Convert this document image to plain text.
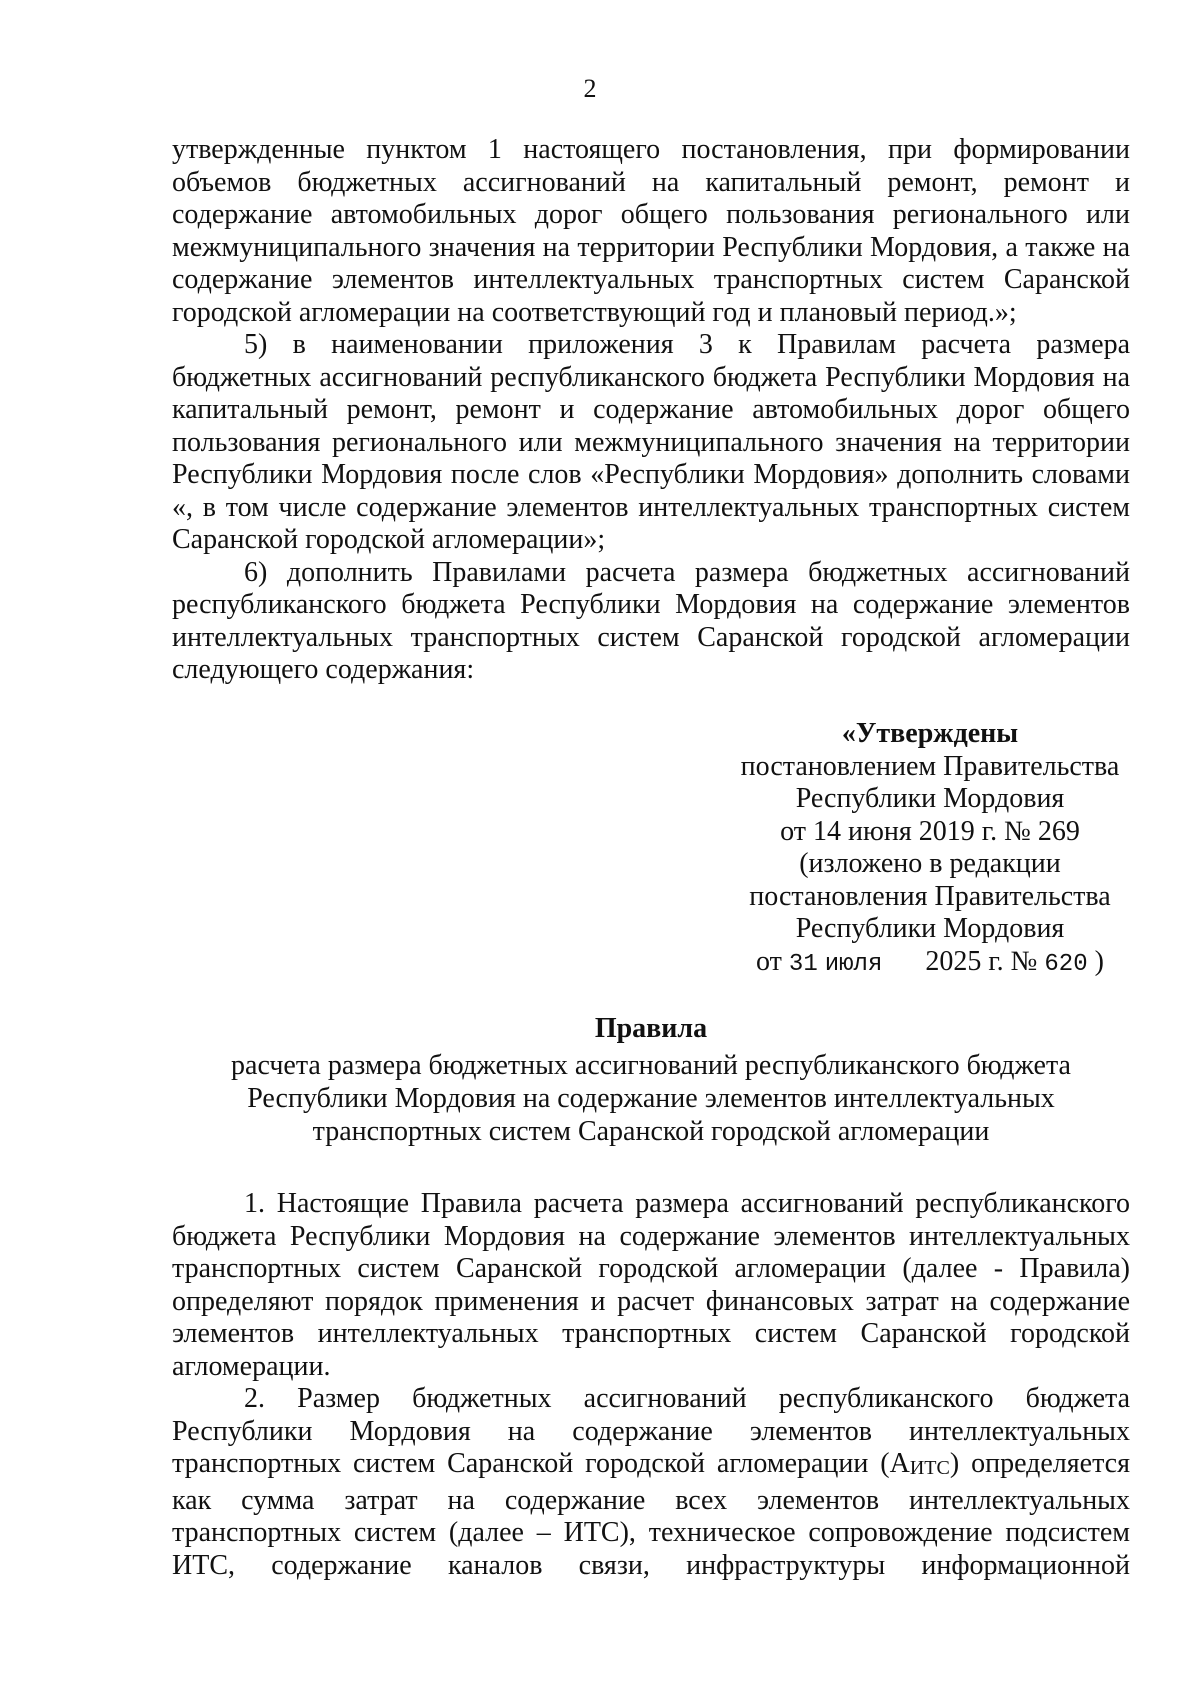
2

утвержденные пунктом 1 настоящего постановления, при формировании объемов бюджетных ассигнований на капитальный ремонт, ремонт и содержание автомобильных дорог общего пользования регионального или межмуниципального значения на территории Республики Мордовия, а также на содержание элементов интеллектуальных транспортных систем Саранской городской агломерации на соответствующий год и плановый период.»;

5) в наименовании приложения 3 к Правилам расчета размера бюджетных ассигнований республиканского бюджета Республики Мордовия на капитальный ремонт, ремонт и содержание автомобильных дорог общего пользования регионального или межмуниципального значения на территории Республики Мордовия после слов «Республики Мордовия» дополнить словами «, в том числе содержание элементов интеллектуальных транспортных систем Саранской городской агломерации»;

6) дополнить Правилами расчета размера бюджетных ассигнований республиканского бюджета Республики Мордовия на содержание элементов интеллектуальных транспортных систем Саранской городской агломерации следующего содержания:

«Утверждены
постановлением Правительства
Республики Мордовия
от 14 июня 2019 г. № 269
(изложено в редакции
постановления Правительства
Республики Мордовия
от 31 июля 2025 г. № 620 )
Правила
расчета размера бюджетных ассигнований республиканского бюджета
Республики Мордовия на содержание элементов интеллектуальных
транспортных систем Саранской городской агломерации

1. Настоящие Правила расчета размера ассигнований республиканского бюджета Республики Мордовия на содержание элементов интеллектуальных транспортных систем Саранской городской агломерации (далее - Правила) определяют порядок применения и расчет финансовых затрат на содержание элементов интеллектуальных транспортных систем Саранской городской агломерации.

2. Размер бюджетных ассигнований республиканского бюджета Республики Мордовия на содержание элементов интеллектуальных транспортных систем Саранской городской агломерации $(А_{ИТС})$ определяется как сумма затрат на содержание всех элементов интеллектуальных транспортных систем (далее – ИТС), техническое сопровождение подсистем ИТС, содержание каналов связи, инфраструктуры информационной
